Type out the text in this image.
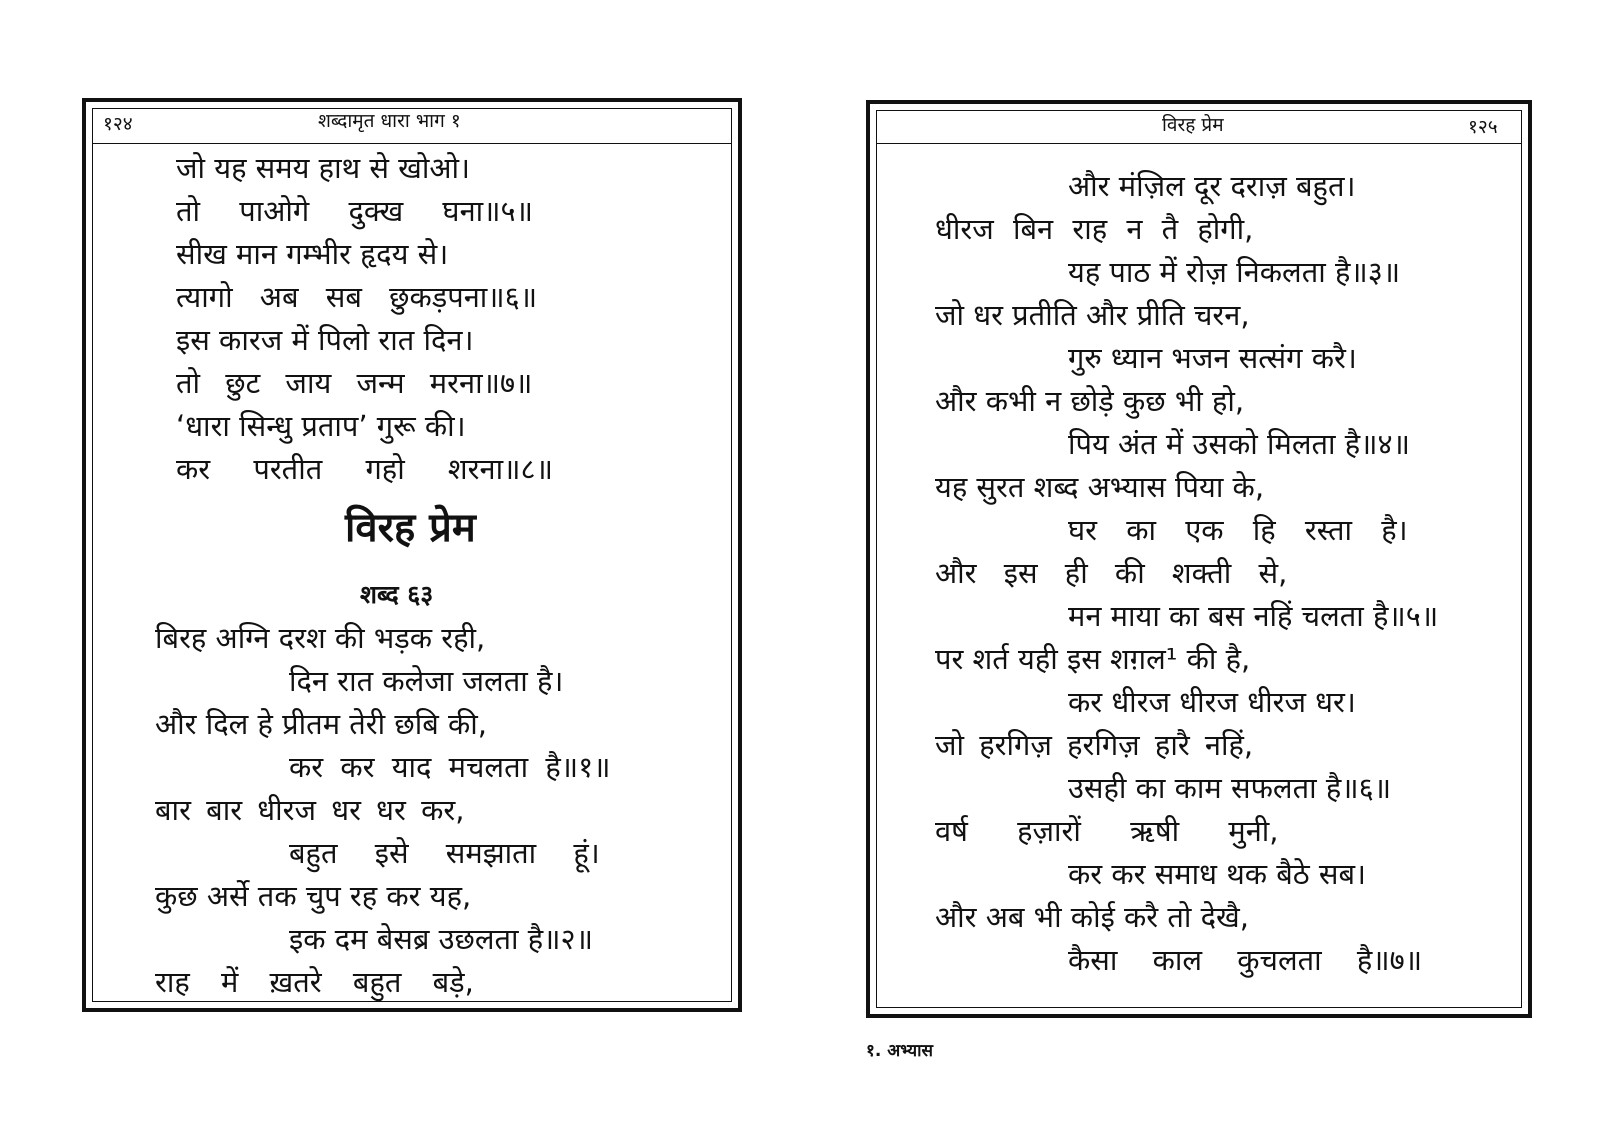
१२४	शब्दामृत धारा भाग १
जो यह समय हाथ से खोओ।
तो पाओगे दुक्ख घना॥५॥
सीख मान गम्भीर हृदय से।
त्यागो अब सब छुकड़पना॥६॥
इस कारज में पिलो रात दिन।
तो छुट जाय जन्म मरना॥७॥
‘धारा सिन्धु प्रताप’ गुरू की।
कर परतीत गहो शरना॥८॥
विरह प्रेम
शब्द ६३
बिरह अग्नि दरश की भड़क रही,
दिन रात कलेजा जलता है।
और दिल हे प्रीतम तेरी छबि की,
कर कर याद मचलता है॥१॥
बार बार धीरज धर धर कर,
बहुत इसे समझाता हूं।
कुछ अर्से तक चुप रह कर यह,
इक दम बेसब्र उछलता है॥२॥
राह में ख़तरे बहुत बड़े,
विरह प्रेम	१२५
और मंज़िल दूर दराज़ बहुत।
धीरज बिन राह न तै होगी,
यह पाठ में रोज़ निकलता है॥३॥
जो धर प्रतीति और प्रीति चरन,
गुरु ध्यान भजन सत्संग करै।
और कभी न छोड़े कुछ भी हो,
पिय अंत में उसको मिलता है॥४॥
यह सुरत शब्द अभ्यास पिया के,
घर का एक हि रस्ता है।
और इस ही की शक्ती से,
मन माया का बस नहिं चलता है॥५॥
पर शर्त यही इस शग़ल¹ की है,
कर धीरज धीरज धीरज धर।
जो हरगिज़ हरगिज़ हारै नहिं,
उसही का काम सफलता है॥६॥
वर्ष हज़ारों ऋषी मुनी,
कर कर समाध थक बैठे सब।
और अब भी कोई करै तो देखै,
कैसा काल कुचलता है॥७॥
१. अभ्यास
